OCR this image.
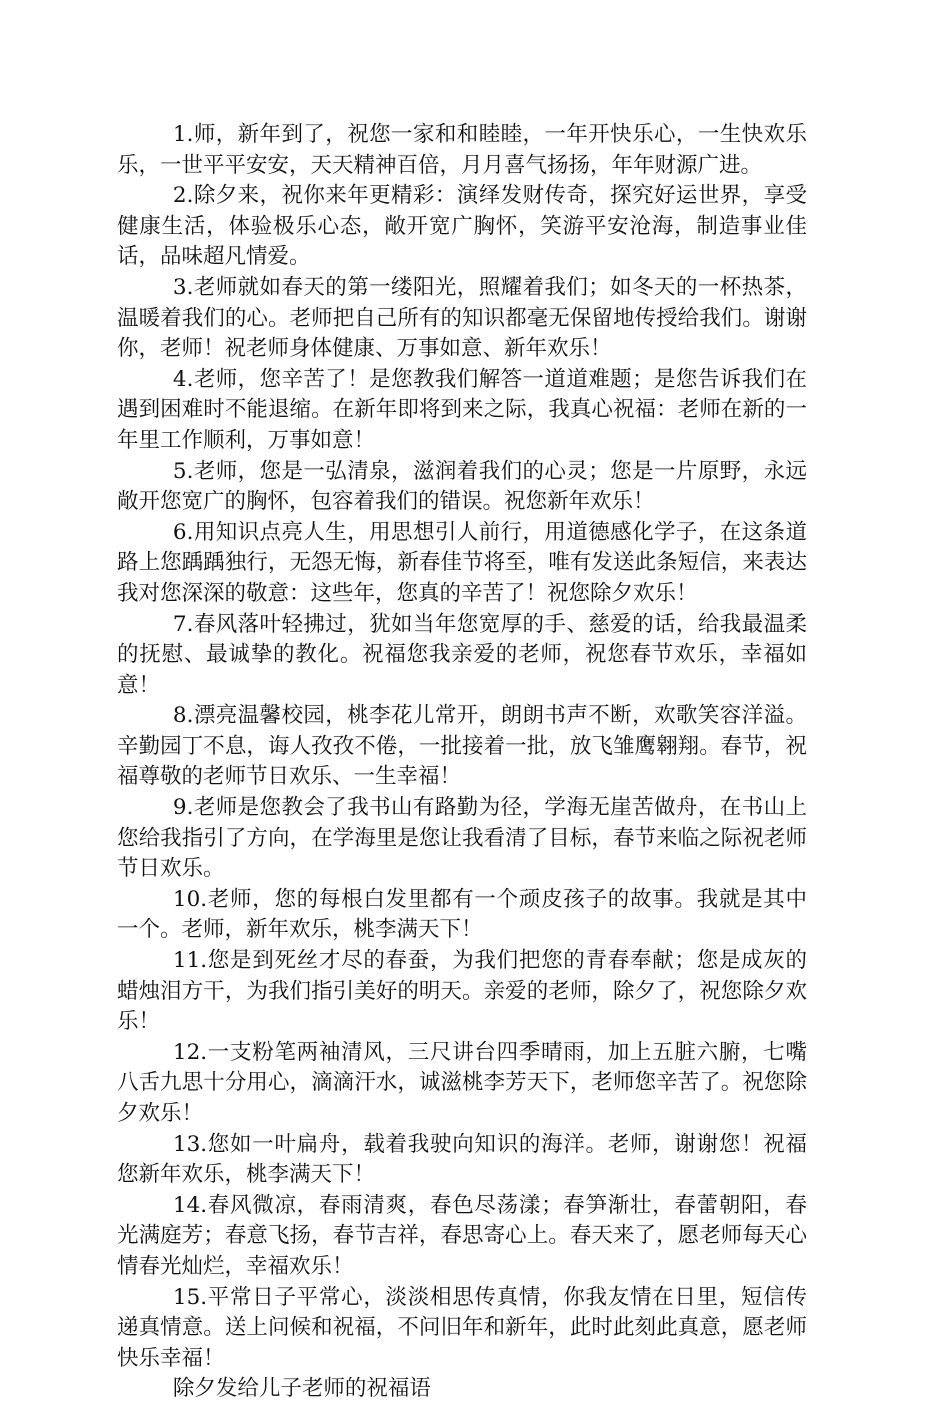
1.师，新年到了，祝您一家和和睦睦，一年开快乐心，一生快欢乐乐，一世平平安安，天天精神百倍，月月喜气扬扬，年年财源广进。

2.除夕来，祝你来年更精彩：演绎发财传奇，探究好运世界，享受健康生活，体验极乐心态，敞开宽广胸怀，笑游平安沧海，制造事业佳话，品味超凡情爱。

3.老师就如春天的第一缕阳光，照耀着我们；如冬天的一杯热茶，温暖着我们的心。老师把自己所有的知识都毫无保留地传授给我们。谢谢你，老师！祝老师身体健康、万事如意、新年欢乐！

4.老师，您辛苦了！是您教我们解答一道道难题；是您告诉我们在遇到困难时不能退缩。在新年即将到来之际，我真心祝福：老师在新的一年里工作顺利，万事如意！

5.老师，您是一弘清泉，滋润着我们的心灵；您是一片原野，永远敞开您宽广的胸怀，包容着我们的错误。祝您新年欢乐！

6.用知识点亮人生，用思想引人前行，用道德感化学子，在这条道路上您踽踽独行，无怨无悔，新春佳节将至，唯有发送此条短信，来表达我对您深深的敬意：这些年，您真的辛苦了！祝您除夕欢乐！

7.春风落叶轻拂过，犹如当年您宽厚的手、慈爱的话，给我最温柔的抚慰、最诚挚的教化。祝福您我亲爱的老师，祝您春节欢乐，幸福如意！

8.漂亮温馨校园，桃李花儿常开，朗朗书声不断，欢歌笑容洋溢。辛勤园丁不息，诲人孜孜不倦，一批接着一批，放飞雏鹰翱翔。春节，祝福尊敬的老师节日欢乐、一生幸福！

9.老师是您教会了我书山有路勤为径，学海无崖苦做舟，在书山上您给我指引了方向，在学海里是您让我看清了目标，春节来临之际祝老师节日欢乐。

10.老师，您的每根白发里都有一个顽皮孩子的故事。我就是其中一个。老师，新年欢乐，桃李满天下！

11.您是到死丝才尽的春蚕，为我们把您的青春奉献；您是成灰的蜡烛泪方干，为我们指引美好的明天。亲爱的老师，除夕了，祝您除夕欢乐！

12.一支粉笔两袖清风，三尺讲台四季晴雨，加上五脏六腑，七嘴八舌九思十分用心，滴滴汗水，诚滋桃李芳天下，老师您辛苦了。祝您除夕欢乐！

13.您如一叶扁舟，载着我驶向知识的海洋。老师，谢谢您！祝福您新年欢乐，桃李满天下！

14.春风微凉，春雨清爽，春色尽荡漾；春笋渐壮，春蕾朝阳，春光满庭芳；春意飞扬，春节吉祥，春思寄心上。春天来了，愿老师每天心情春光灿烂，幸福欢乐！

15.平常日子平常心，淡淡相思传真情，你我友情在日里，短信传递真情意。送上问候和祝福，不问旧年和新年，此时此刻此真意，愿老师快乐幸福！

除夕发给儿子老师的祝福语
